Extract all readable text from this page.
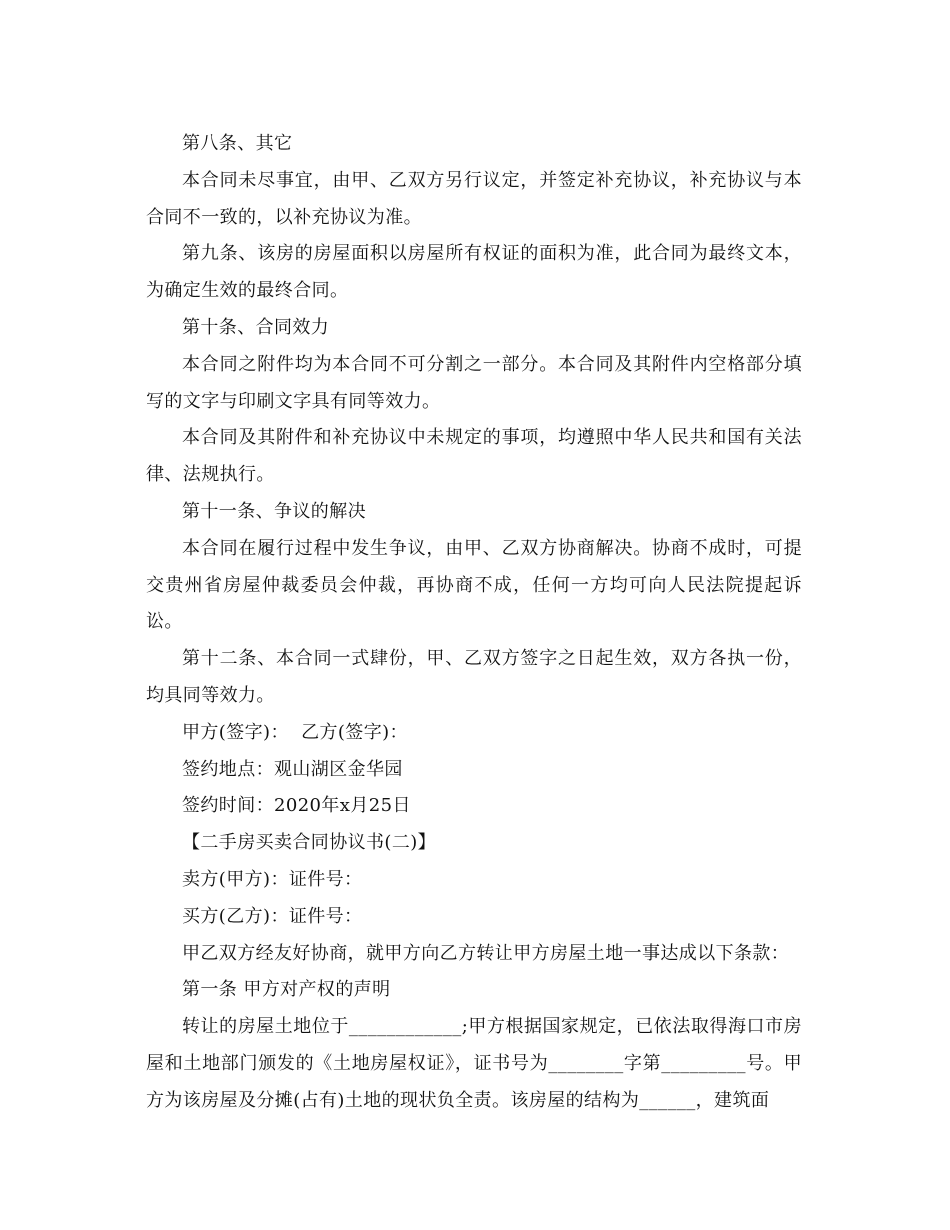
第八条、其它

本合同未尽事宜，由甲、乙双方另行议定，并签定补充协议，补充协议与本合同不一致的，以补充协议为准。

第九条、该房的房屋面积以房屋所有权证的面积为准，此合同为最终文本，为确定生效的最终合同。

第十条、合同效力

本合同之附件均为本合同不可分割之一部分。本合同及其附件内空格部分填写的文字与印刷文字具有同等效力。

本合同及其附件和补充协议中未规定的事项，均遵照中华人民共和国有关法律、法规执行。

第十一条、争议的解决

本合同在履行过程中发生争议，由甲、乙双方协商解决。协商不成时，可提交贵州省房屋仲裁委员会仲裁，再协商不成，任何一方均可向人民法院提起诉讼。

第十二条、本合同一式肆份，甲、乙双方签字之日起生效，双方各执一份，均具同等效力。

甲方(签字)：  乙方(签字)：

签约地点：观山湖区金华园

签约时间：2020年x月25日

【二手房买卖合同协议书(二)】

卖方(甲方)：证件号：

买方(乙方)：证件号：

甲乙双方经友好协商，就甲方向乙方转让甲方房屋土地一事达成以下条款：

第一条 甲方对产权的声明

转让的房屋土地位于____________;甲方根据国家规定，已依法取得海口市房屋和土地部门颁发的《土地房屋权证》，证书号为________字第_________号。甲方为该房屋及分摊(占有)土地的现状负全责。该房屋的结构为______，建筑面
